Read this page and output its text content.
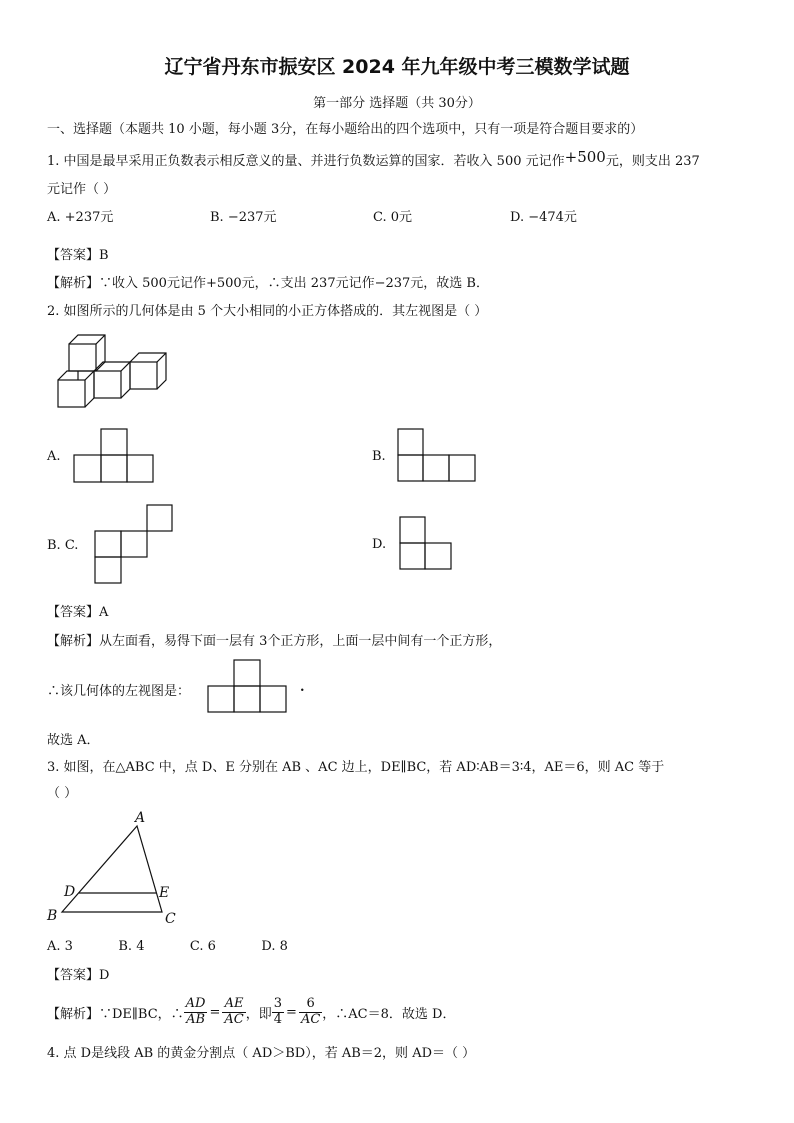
辽宁省丹东市振安区 2024 年九年级中考三模数学试题
第一部分 选择题（共 30分）
一、选择题（本题共 10 小题，每小题 3分，在每小题给出的四个选项中，只有一项是符合题目要求的）
1. 中国是最早采用正负数表示相反意义的量、并进行负数运算的国家．若收入 500 元记作+500元，则支出 237
元记作（ ）
A. +237元	B. −237元	C. 0元	D. −474元
【答案】B
【解析】∵收入 500元记作+500元，∴支出 237元记作−237元，故选 B．
2. 如图所示的几何体是由 5 个大小相同的小正方体搭成的．其左视图是（ ）
A
D	E
B	C
A.	B.
B. C.	D.
【答案】A
【解析】从左面看，易得下面一层有 3个正方形，上面一层中间有一个正方形，
∴该几何体的左视图是：	.
故选 A．
3. 如图，在△ABC 中，点 D、E 分别在 AB 、AC 边上，DE∥BC，若 AD∶AB＝3∶4，AE＝6，则 AC 等于
（ ）
A. 3           B. 4           C. 6           D. 8
【答案】D
【解析】∵DE∥BC，∴ $\frac{AD}{AB} = \frac{AE}{AC}$ ，即 $\frac{3}{4} = \frac{6}{AC}$ ，∴AC＝8．故选 D．
4. 点 D是线段 AB 的黄金分割点（ AD＞BD），若 AB＝2，则 AD＝（ ）
